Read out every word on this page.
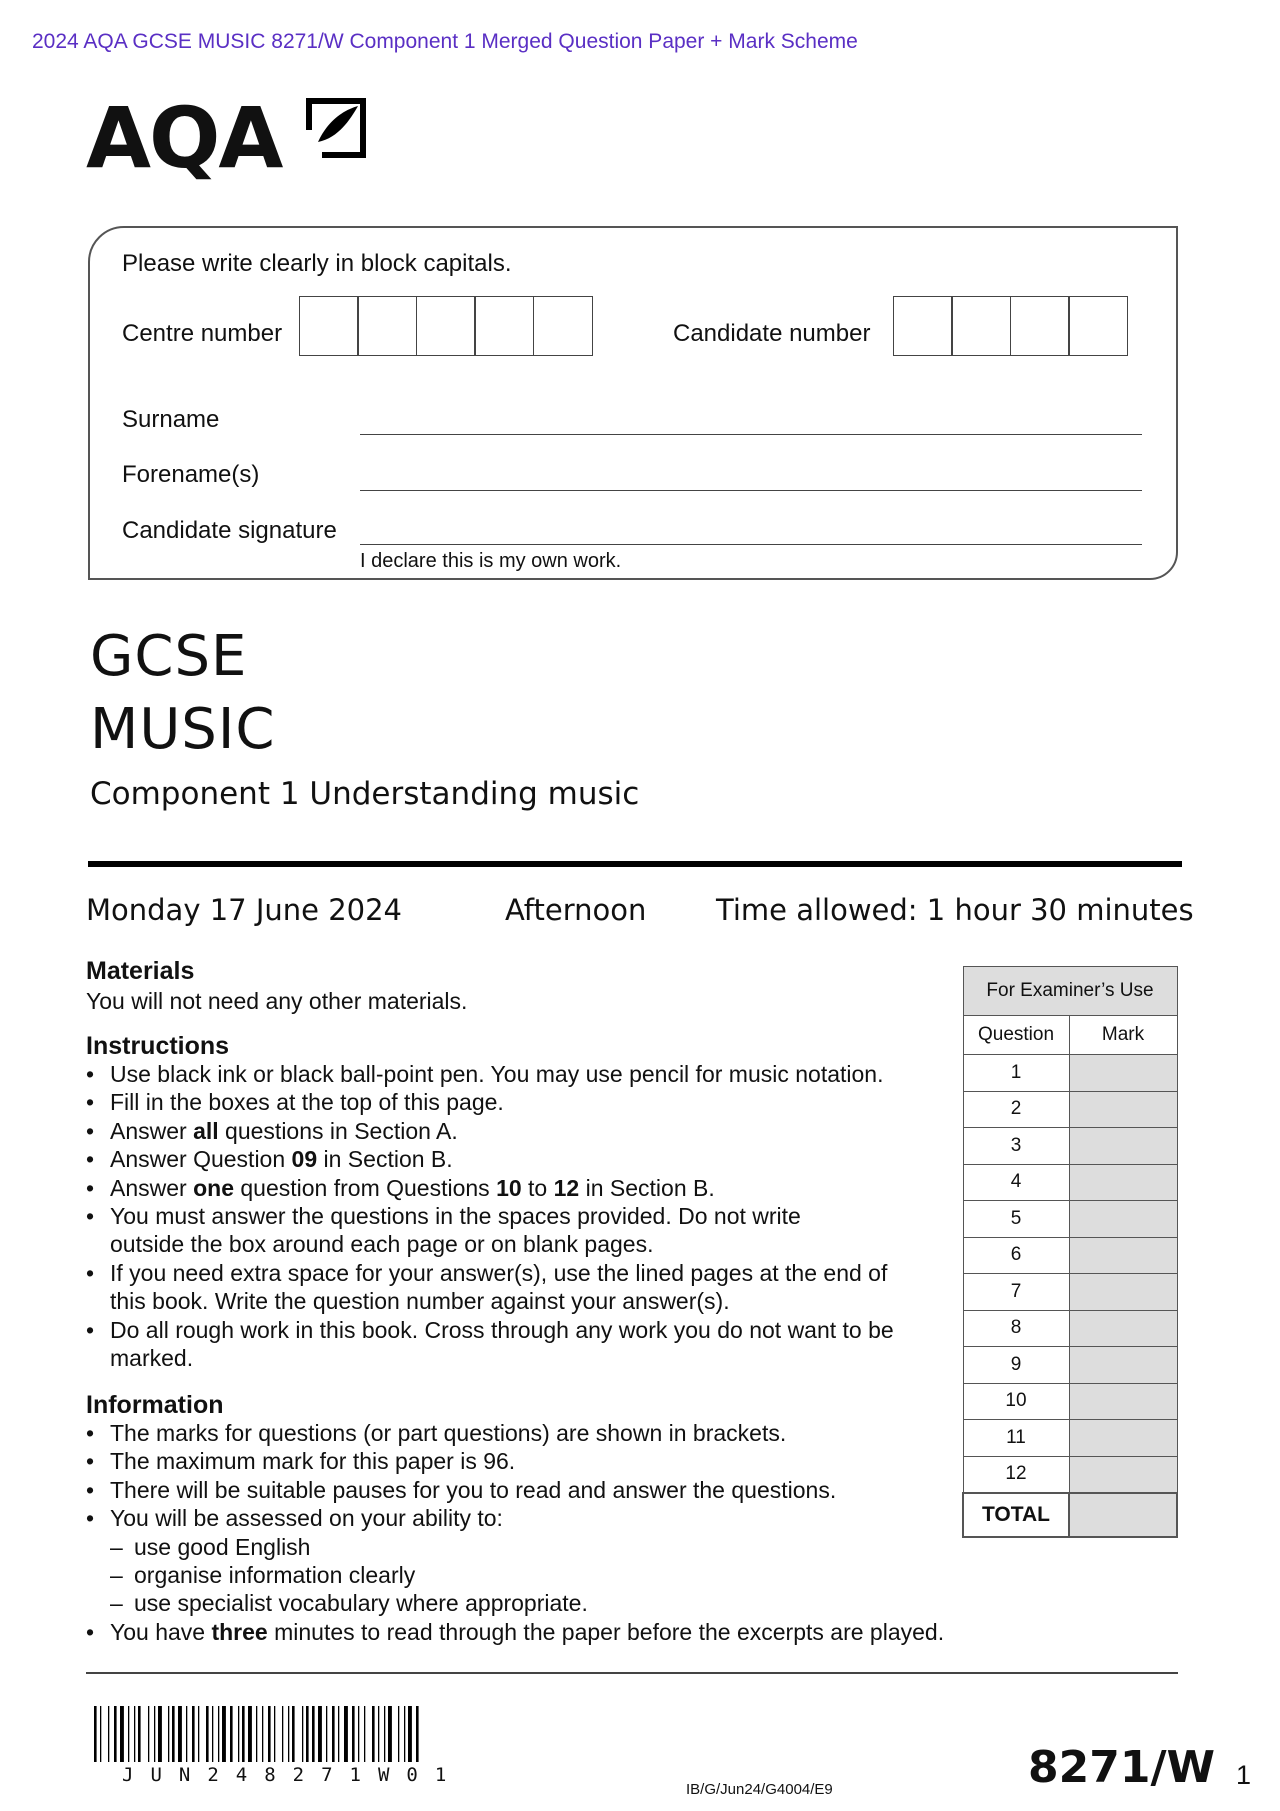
2024 AQA GCSE MUSIC 8271/W Component 1 Merged Question Paper + Mark Scheme
AQA
Please write clearly in block capitals.
Centre number	Candidate number
Surname
Forename(s)
Candidate signature
I declare this is my own work.
GCSE
MUSIC
Component 1 Understanding music
Monday 17 June 2024	Afternoon Time allowed: 1 hour 30 minutes
Materials
You will not need any other materials.
Instructions
• Use black ink or black ball-point pen. You may use pencil for music notation.
• Fill in the boxes at the top of this page.
• Answer all questions in Section A.
• Answer Question 09 in Section B.
• Answer one question from Questions 10 to 12 in Section B.
• You must answer the questions in the spaces provided. Do not write
outside the box around each page or on blank pages.
• If you need extra space for your answer(s), use the lined pages at the end of
this book. Write the question number against your answer(s).
• Do all rough work in this book. Cross through any work you do not want to be
marked.
Information
• The marks for questions (or part questions) are shown in brackets.
• The maximum mark for this paper is 96.
• There will be suitable pauses for you to read and answer the questions.
• You will be assessed on your ability to:
– use good English
– organise information clearly
– use specialist vocabulary where appropriate.
• You have three minutes to read through the paper before the excerpts are played.
For Examiner’s Use	
Question	Mark
1	
2	
3	
4	
5	
6	
7	
8	
9	
10	
11	
12	
TOTAL	
JUN248271W01
IB/G/Jun24/G4004/E9	8271/W 1
